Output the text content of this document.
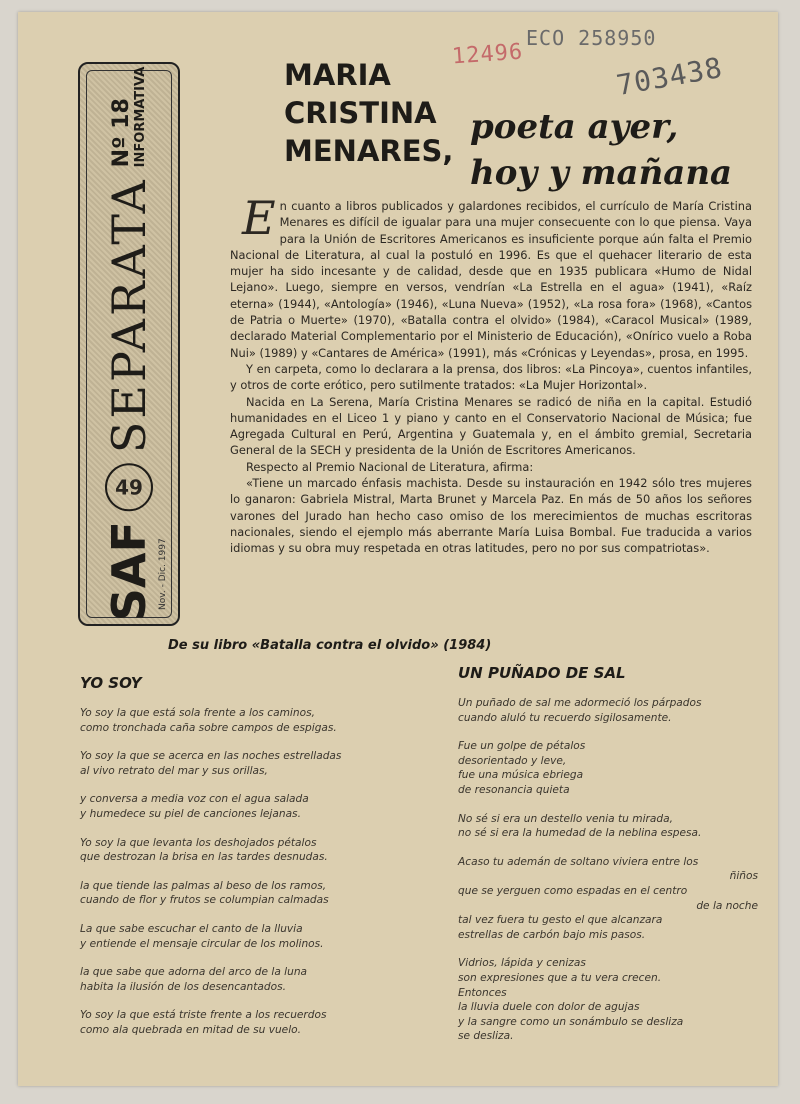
ECO 258950
12496	703438
SAF
49
SEPARATA
Nº 18 INFORMATIVA
Nov. - Dic. 1997
MARIA
CRISTINA
MENARES,
poeta ayer,
hoy y mañana

En cuanto a libros publicados y galardones recibidos, el currículo de María Cristina Menares es difícil de igualar para una mujer consecuente con lo que piensa. Vaya para la Unión de Escritores Americanos es insuficiente porque aún falta el Premio Nacional de Literatura, al cual la postuló en 1996. Es que el quehacer literario de esta mujer ha sido incesante y de calidad, desde que en 1935 publicara «Humo de Nidal Lejano». Luego, siempre en versos, vendrían «La Estrella en el agua» (1941), «Raíz eterna» (1944), «Antología» (1946), «Luna Nueva» (1952), «La rosa fora» (1968), «Cantos de Patria o Muerte» (1970), «Batalla contra el olvido» (1984), «Caracol Musical» (1989, declarado Material Complementario por el Ministerio de Educación), «Onírico vuelo a Roba Nui» (1989) y «Cantares de América» (1991), más «Crónicas y Leyendas», prosa, en 1995.

Y en carpeta, como lo declarara a la prensa, dos libros: «La Pincoya», cuentos infantiles, y otros de corte erótico, pero sutilmente tratados: «La Mujer Horizontal».

Nacida en La Serena, María Cristina Menares se radicó de niña en la capital. Estudió humanidades en el Liceo 1 y piano y canto en el Conservatorio Nacional de Música; fue Agregada Cultural en Perú, Argentina y Guatemala y, en el ámbito gremial, Secretaria General de la SECH y presidenta de la Unión de Escritores Americanos.

Respecto al Premio Nacional de Literatura, afirma:

«Tiene un marcado énfasis machista. Desde su instauración en 1942 sólo tres mujeres lo ganaron: Gabriela Mistral, Marta Brunet y Marcela Paz. En más de 50 años los señores varones del Jurado han hecho caso omiso de los merecimientos de muchas escritoras nacionales, siendo el ejemplo más aberrante María Luisa Bombal. Fue traducida a varios idiomas y su obra muy respetada en otras latitudes, pero no por sus compatriotas».

De su libro «Batalla contra el olvido» (1984)
YO SOY
Yo soy la que está sola frente a los caminos,
como tronchada caña sobre campos de espigas.
Yo soy la que se acerca en las noches estrelladas
al vivo retrato del mar y sus orillas,
y conversa a media voz con el agua salada
y humedece su piel de canciones lejanas.
Yo soy la que levanta los deshojados pétalos
que destrozan la brisa en las tardes desnudas.
la que tiende las palmas al beso de los ramos,
cuando de flor y frutos se columpian calmadas
La que sabe escuchar el canto de la lluvia
y entiende el mensaje circular de los molinos.
la que sabe que adorna del arco de la luna
habita la ilusión de los desencantados.
Yo soy la que está triste frente a los recuerdos
como ala quebrada en mitad de su vuelo.
UN PUÑADO DE SAL
Un puñado de sal me adormeció los párpados
cuando aluló tu recuerdo sigilosamente.
Fue un golpe de pétalos
desorientado y leve,
fue una música ebriega
de resonancia quieta
No sé si era un destello venia tu mirada,
no sé si era la humedad de la neblina espesa.
Acaso tu ademán de soltano viviera entre los
ñiños
que se yerguen como espadas en el centro
de la noche
tal vez fuera tu gesto el que alcanzara
estrellas de carbón bajo mis pasos.
Vidrios, lápida y cenizas
son expresiones que a tu vera crecen.
Entonces
la lluvia duele con dolor de agujas
y la sangre como un sonámbulo se desliza
se desliza.
